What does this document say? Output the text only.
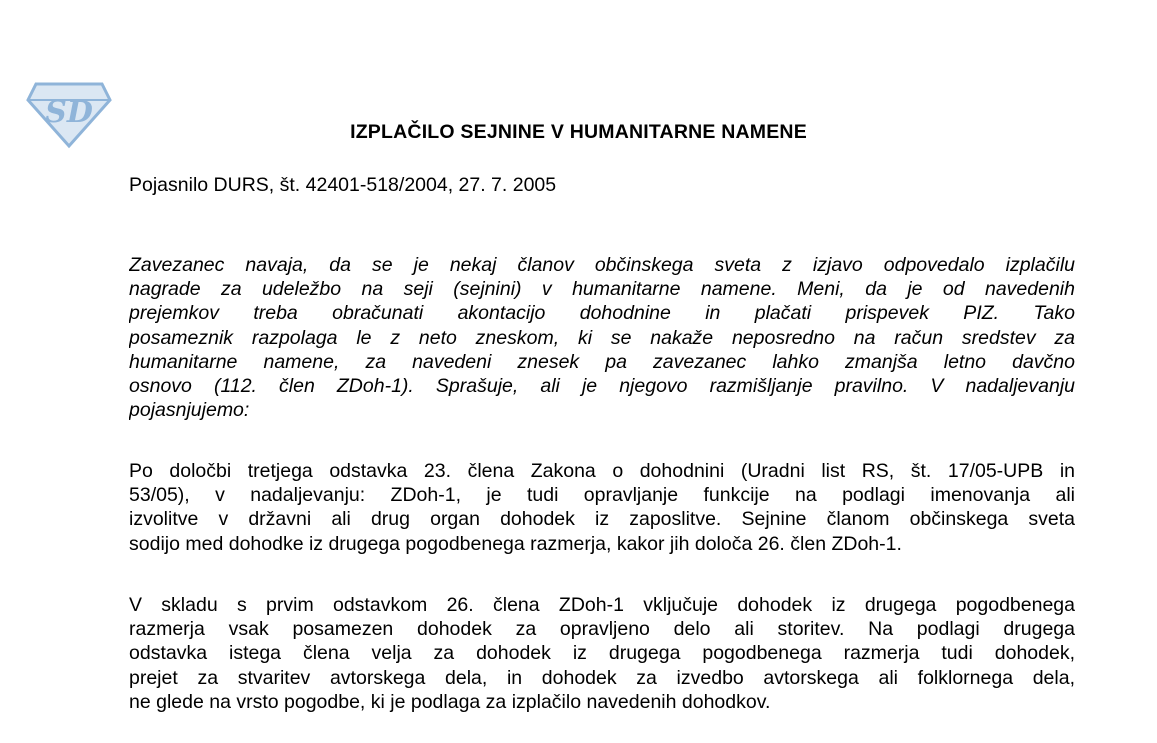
SD
IZPLAČILO SEJNINE V HUMANITARNE NAMENE
Pojasnilo DURS, št. 42401-518/2004, 27. 7. 2005
Zavezanec navaja, da se je nekaj članov občinskega sveta z izjavo odpovedalo izplačilu
nagrade za udeležbo na seji (sejnini) v humanitarne namene. Meni, da je od navedenih
prejemkov treba obračunati akontacijo dohodnine in plačati prispevek PIZ. Tako
posameznik razpolaga le z neto zneskom, ki se nakaže neposredno na račun sredstev za
humanitarne namene, za navedeni znesek pa zavezanec lahko zmanjša letno davčno
osnovo (112. člen ZDoh-1). Sprašuje, ali je njegovo razmišljanje pravilno. V nadaljevanju
pojasnjujemo:
Po določbi tretjega odstavka 23. člena Zakona o dohodnini (Uradni list RS, št. 17/05-UPB in
53/05), v nadaljevanju: ZDoh-1, je tudi opravljanje funkcije na podlagi imenovanja ali
izvolitve v državni ali drug organ dohodek iz zaposlitve. Sejnine članom občinskega sveta
sodijo med dohodke iz drugega pogodbenega razmerja, kakor jih določa 26. člen ZDoh-1.
V skladu s prvim odstavkom 26. člena ZDoh-1 vključuje dohodek iz drugega pogodbenega
razmerja vsak posamezen dohodek za opravljeno delo ali storitev. Na podlagi drugega
odstavka istega člena velja za dohodek iz drugega pogodbenega razmerja tudi dohodek,
prejet za stvaritev avtorskega dela, in dohodek za izvedbo avtorskega ali folklornega dela,
ne glede na vrsto pogodbe, ki je podlaga za izplačilo navedenih dohodkov.
